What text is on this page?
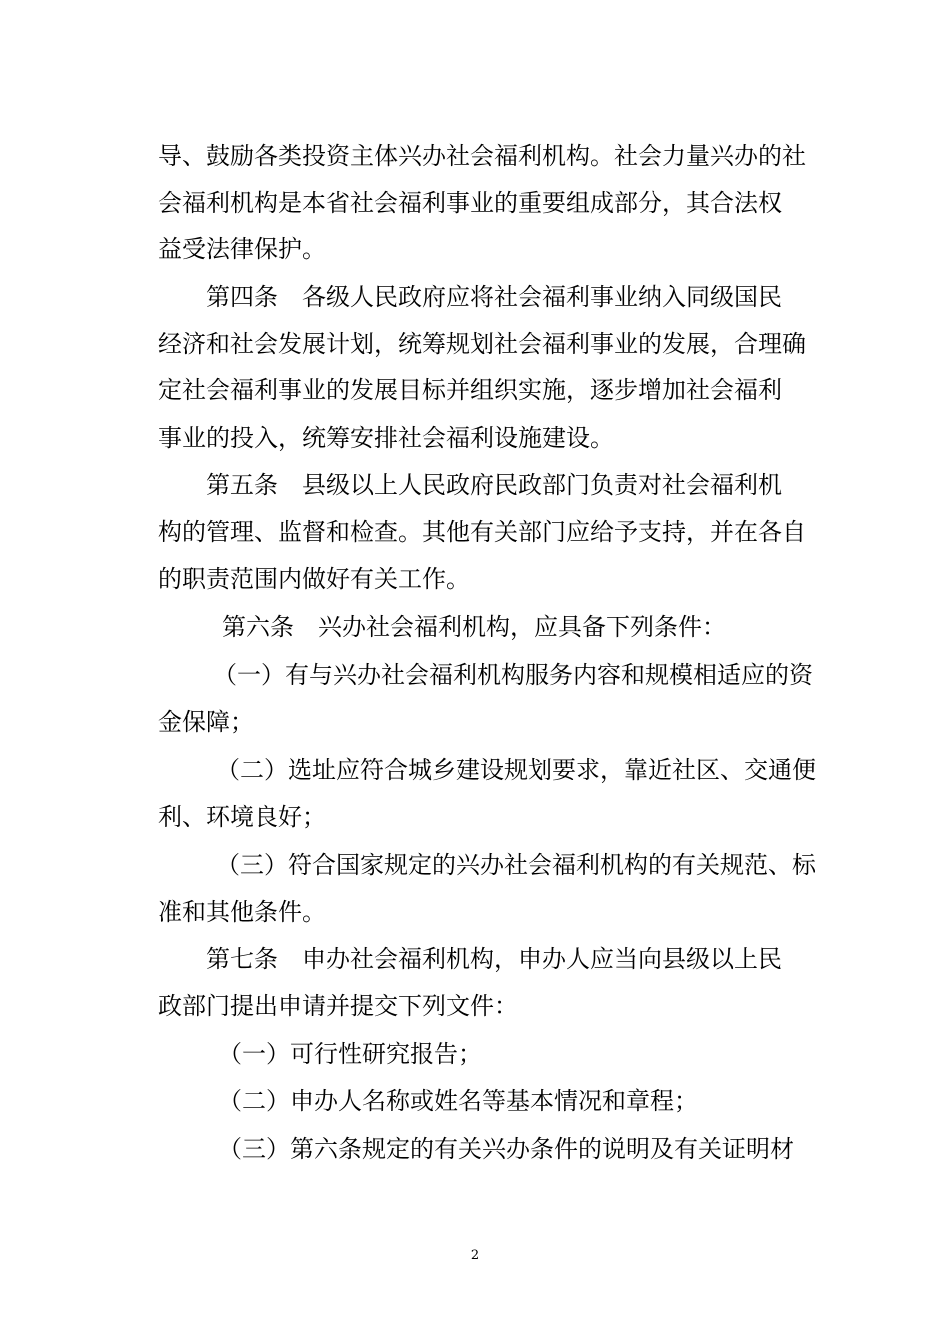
导、鼓励各类投资主体兴办社会福利机构。社会力量兴办的社
会福利机构是本省社会福利事业的重要组成部分，其合法权
益受法律保护。
第四条　各级人民政府应将社会福利事业纳入同级国民
经济和社会发展计划，统筹规划社会福利事业的发展，合理确
定社会福利事业的发展目标并组织实施，逐步增加社会福利
事业的投入，统筹安排社会福利设施建设。
第五条　县级以上人民政府民政部门负责对社会福利机
构的管理、监督和检查。其他有关部门应给予支持，并在各自
的职责范围内做好有关工作。
第六条　兴办社会福利机构，应具备下列条件：
（一）有与兴办社会福利机构服务内容和规模相适应的资
金保障；
（二）选址应符合城乡建设规划要求，靠近社区、交通便
利、环境良好；
（三）符合国家规定的兴办社会福利机构的有关规范、标
准和其他条件。
第七条　申办社会福利机构，申办人应当向县级以上民
政部门提出申请并提交下列文件：
（一）可行性研究报告；
（二）申办人名称或姓名等基本情况和章程；
（三）第六条规定的有关兴办条件的说明及有关证明材
2
